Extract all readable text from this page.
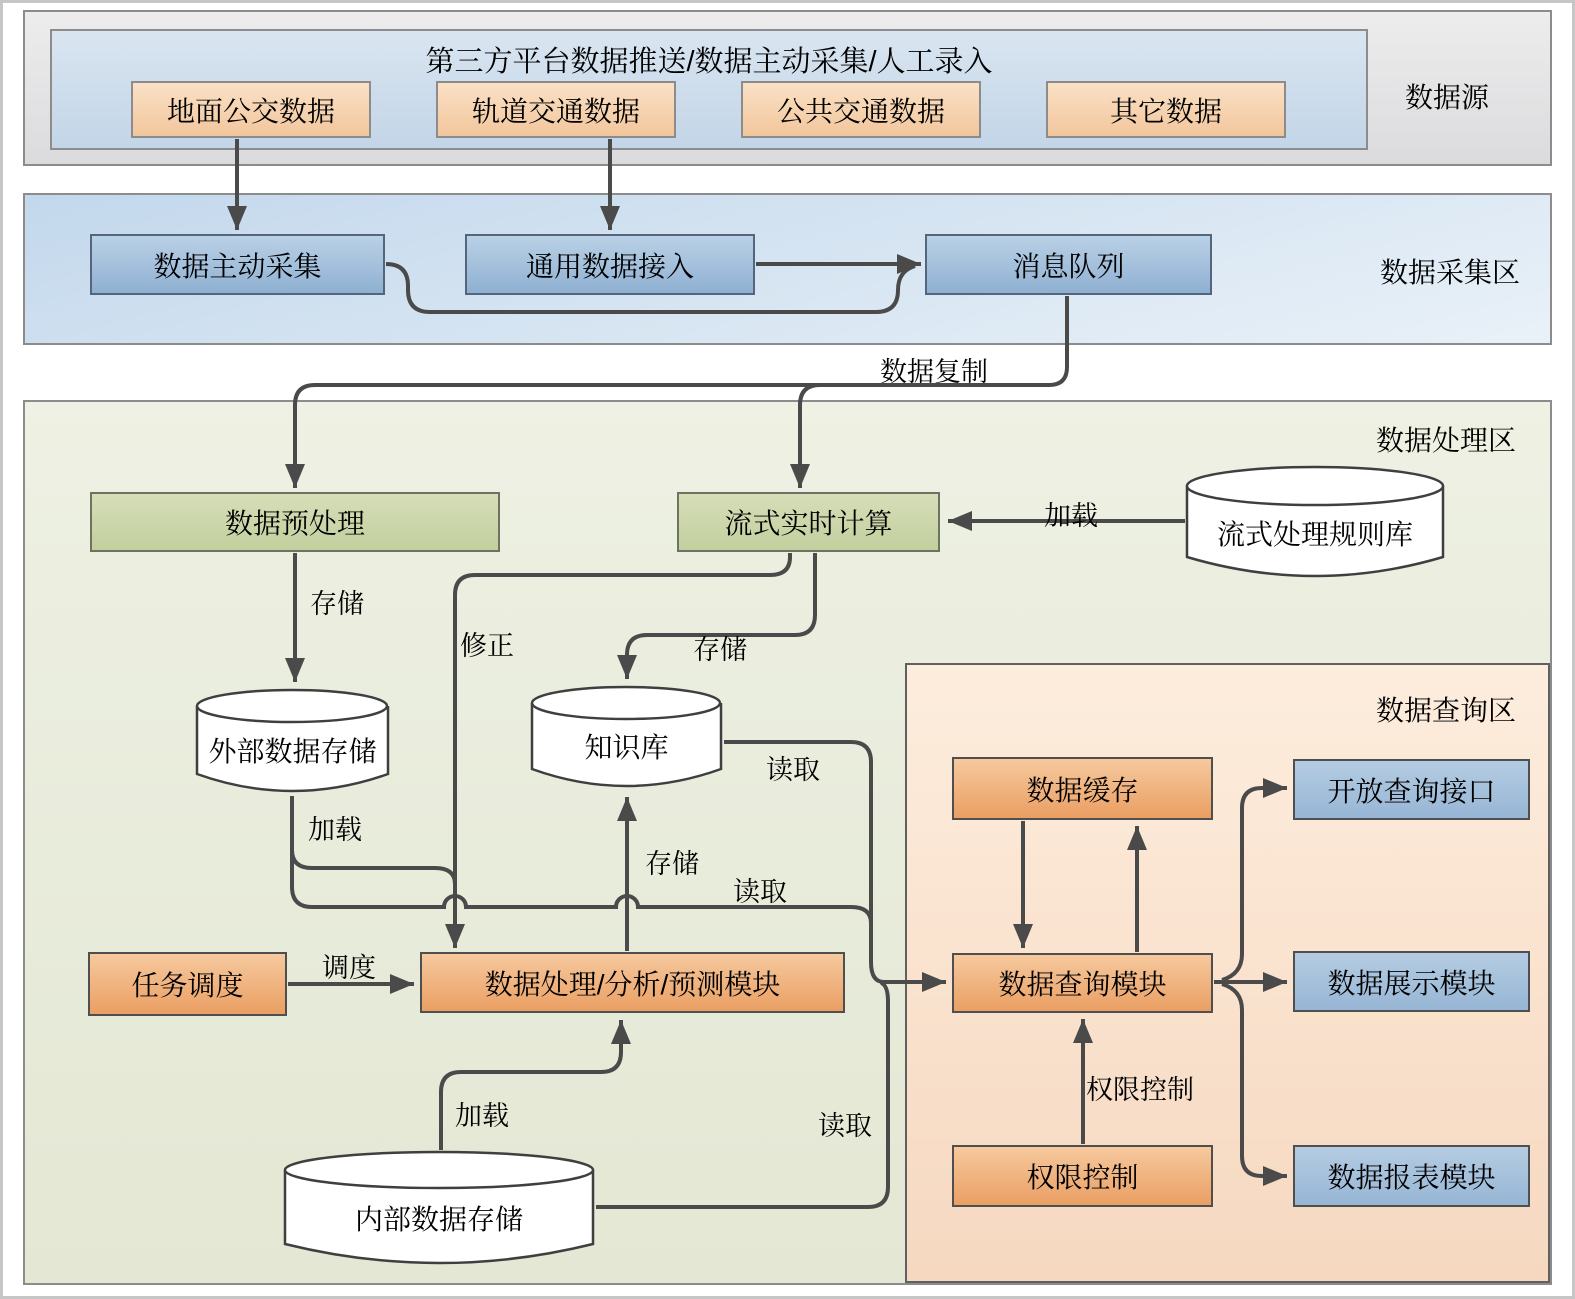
第三方平台数据推送/数据主动采集/人工录入
地面公交数据	轨道交通数据	公共交通数据	其它数据	数据源
数据主动采集	通用数据接入	消息队列	数据采集区
数据处理区
数据查询区
数据预处理	流式实时计算
任务调度	数据处理/分析/预测模块
流式处理规则库
外部数据存储	知识库
内部数据存储
数据缓存	开放查询接口
数据查询模块	数据展示模块
权限控制	数据报表模块
数据复制
存储
修正	存储
存储
加载
加载
加载
读取
读取
读取
调度
权限控制
